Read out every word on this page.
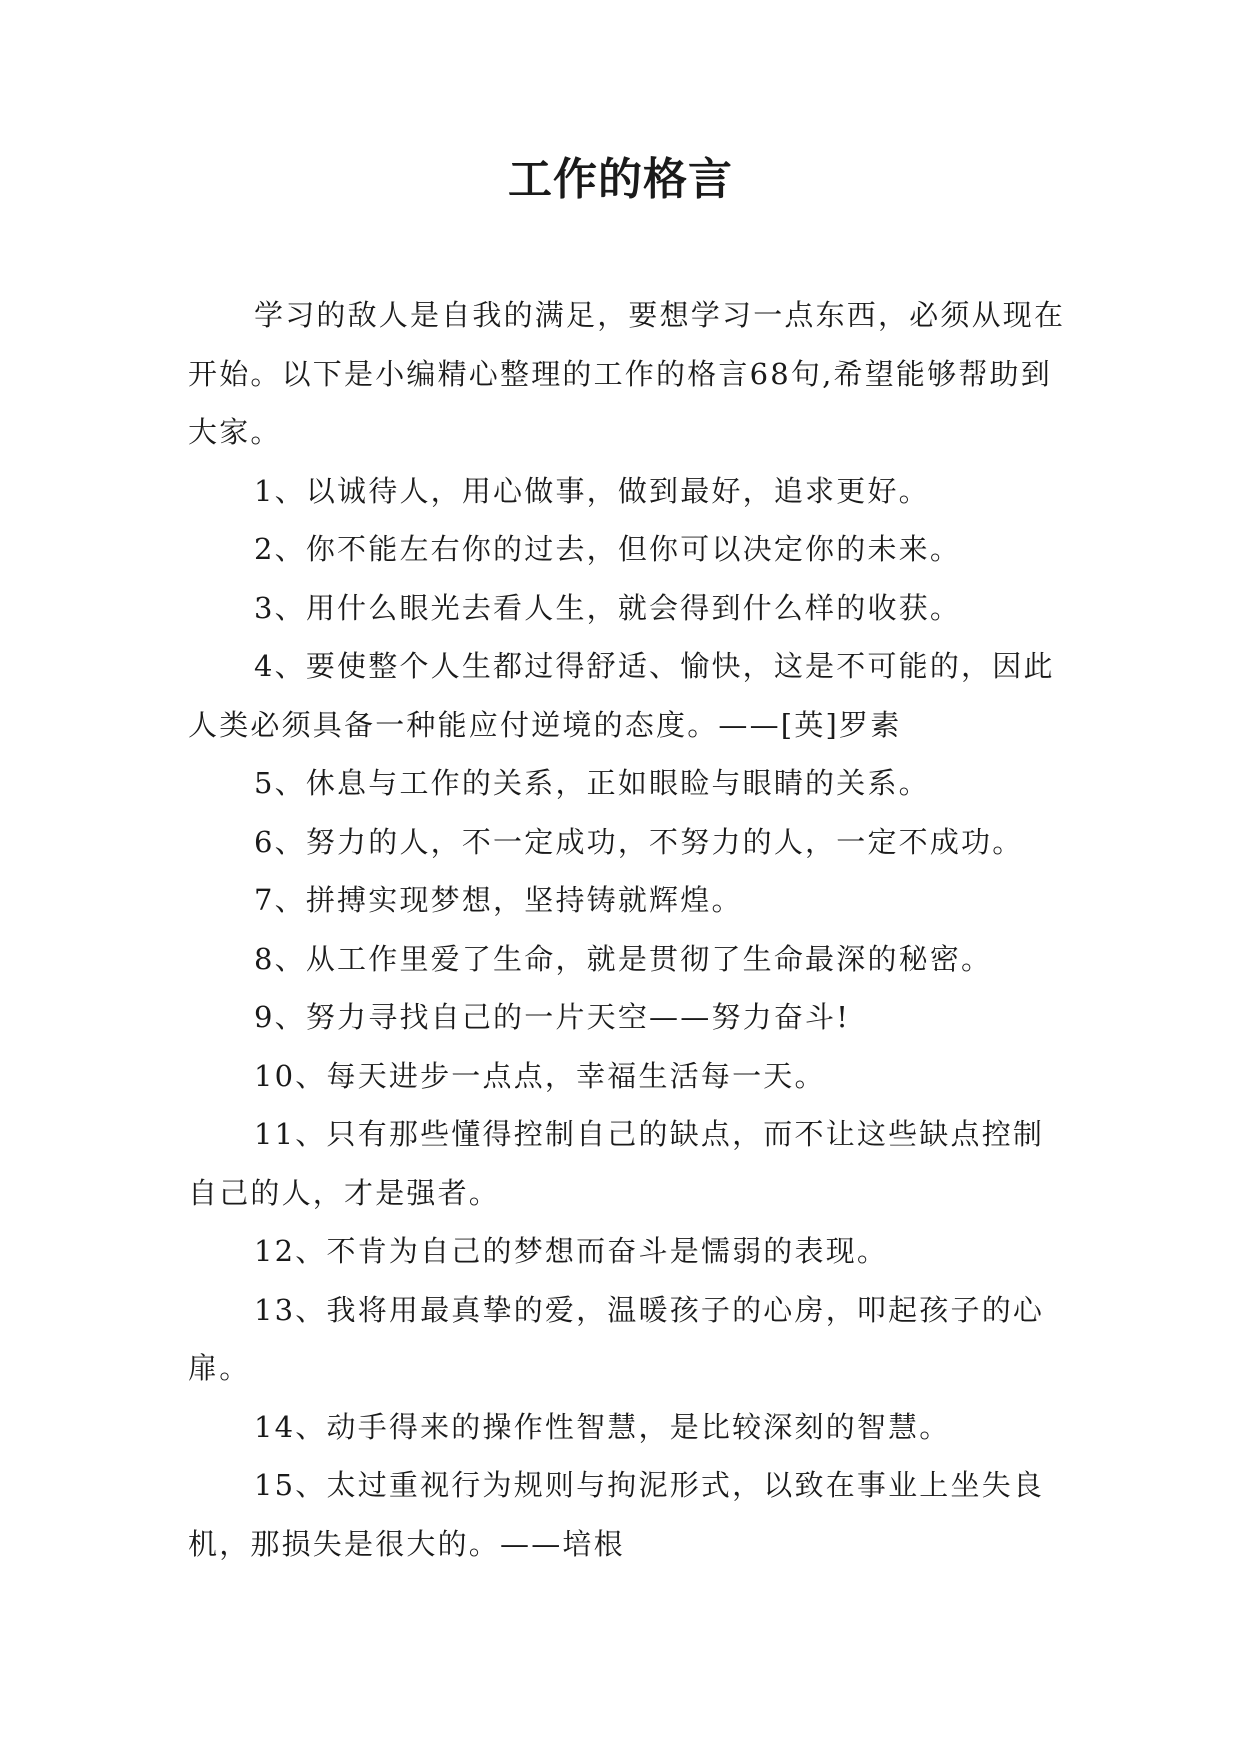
工作的格言

学习的敌人是自我的满足，要想学习一点东西，必须从现在开始。以下是小编精心整理的工作的格言68句,希望能够帮助到大家。

1、以诚待人，用心做事，做到最好，追求更好。

2、你不能左右你的过去，但你可以决定你的未来。

3、用什么眼光去看人生，就会得到什么样的收获。

4、要使整个人生都过得舒适、愉快，这是不可能的，因此人类必须具备一种能应付逆境的态度。——[英]罗素

5、休息与工作的关系，正如眼睑与眼睛的关系。

6、努力的人，不一定成功，不努力的人，一定不成功。

7、拼搏实现梦想，坚持铸就辉煌。

8、从工作里爱了生命，就是贯彻了生命最深的秘密。

9、努力寻找自己的一片天空——努力奋斗!

10、每天进步一点点，幸福生活每一天。

11、只有那些懂得控制自己的缺点，而不让这些缺点控制自己的人，才是强者。

12、不肯为自己的梦想而奋斗是懦弱的表现。

13、我将用最真挚的爱，温暖孩子的心房，叩起孩子的心扉。

14、动手得来的操作性智慧，是比较深刻的智慧。

15、太过重视行为规则与拘泥形式，以致在事业上坐失良机，那损失是很大的。——培根
